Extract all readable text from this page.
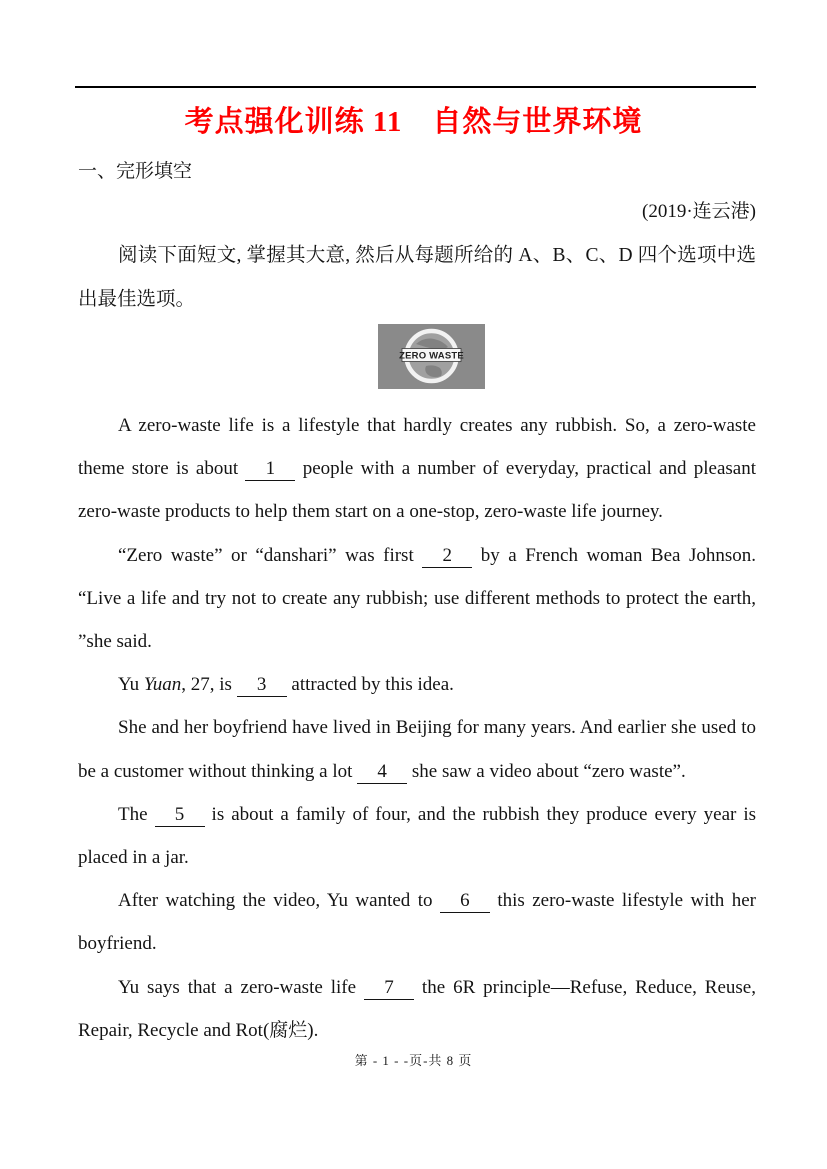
考点强化训练 11　自然与世界环境
一、完形填空
(2019·连云港)

阅读下面短文, 掌握其大意, 然后从每题所给的 A、B、C、D 四个选项中选出最佳选项。

ZERO WASTE

A zero-waste life is a lifestyle that hardly creates any rubbish. So, a zero-waste theme store is about 1 people with a number of everyday, practical and pleasant zero-waste products to help them start on a one-stop, zero-waste life journey.

“Zero waste” or “danshari” was first 2 by a French woman Bea Johnson. “Live a life and try not to create any rubbish; use different methods to protect the earth, ”she said.

Yu Yuan, 27, is 3 attracted by this idea.

She and her boyfriend have lived in Beijing for many years. And earlier she used to be a customer without thinking a lot 4 she saw a video about “zero waste”.

The 5 is about a family of four, and the rubbish they produce every year is placed in a jar.

After watching the video, Yu wanted to 6 this zero-waste lifestyle with her boyfriend.

Yu says that a zero-waste life 7 the 6R principle—Refuse, Reduce, Reuse, Repair, Recycle and Rot(腐烂).

第 - 1 - -页-共 8 页
